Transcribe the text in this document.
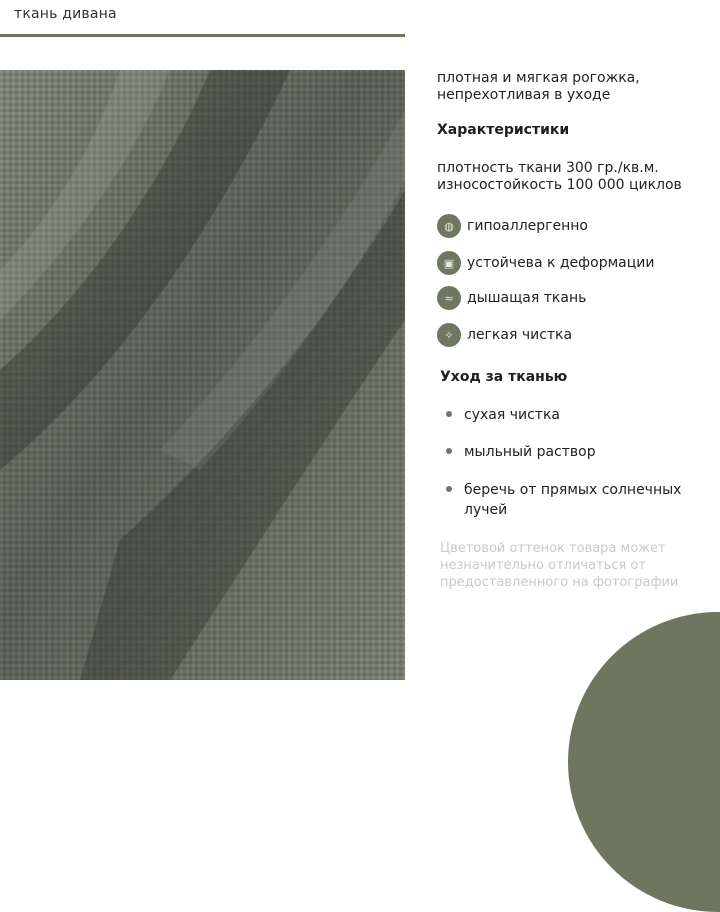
ткань дивана
плотная и мягкая рогожка,
непрехотливая в уходе
Характеристики
плотность ткани 300 гр./кв.м.
износостойкость 100 000 циклов
◍ гипоаллергенно
▣ устойчева к деформации
≈ дышащая ткань
✧ легкая чистка
Уход за тканью
сухая чистка
мыльный раствор
беречь от прямых солнечных лучей
Цветовой оттенок товара может незначительно отличаться от предоставленного на фотографии
